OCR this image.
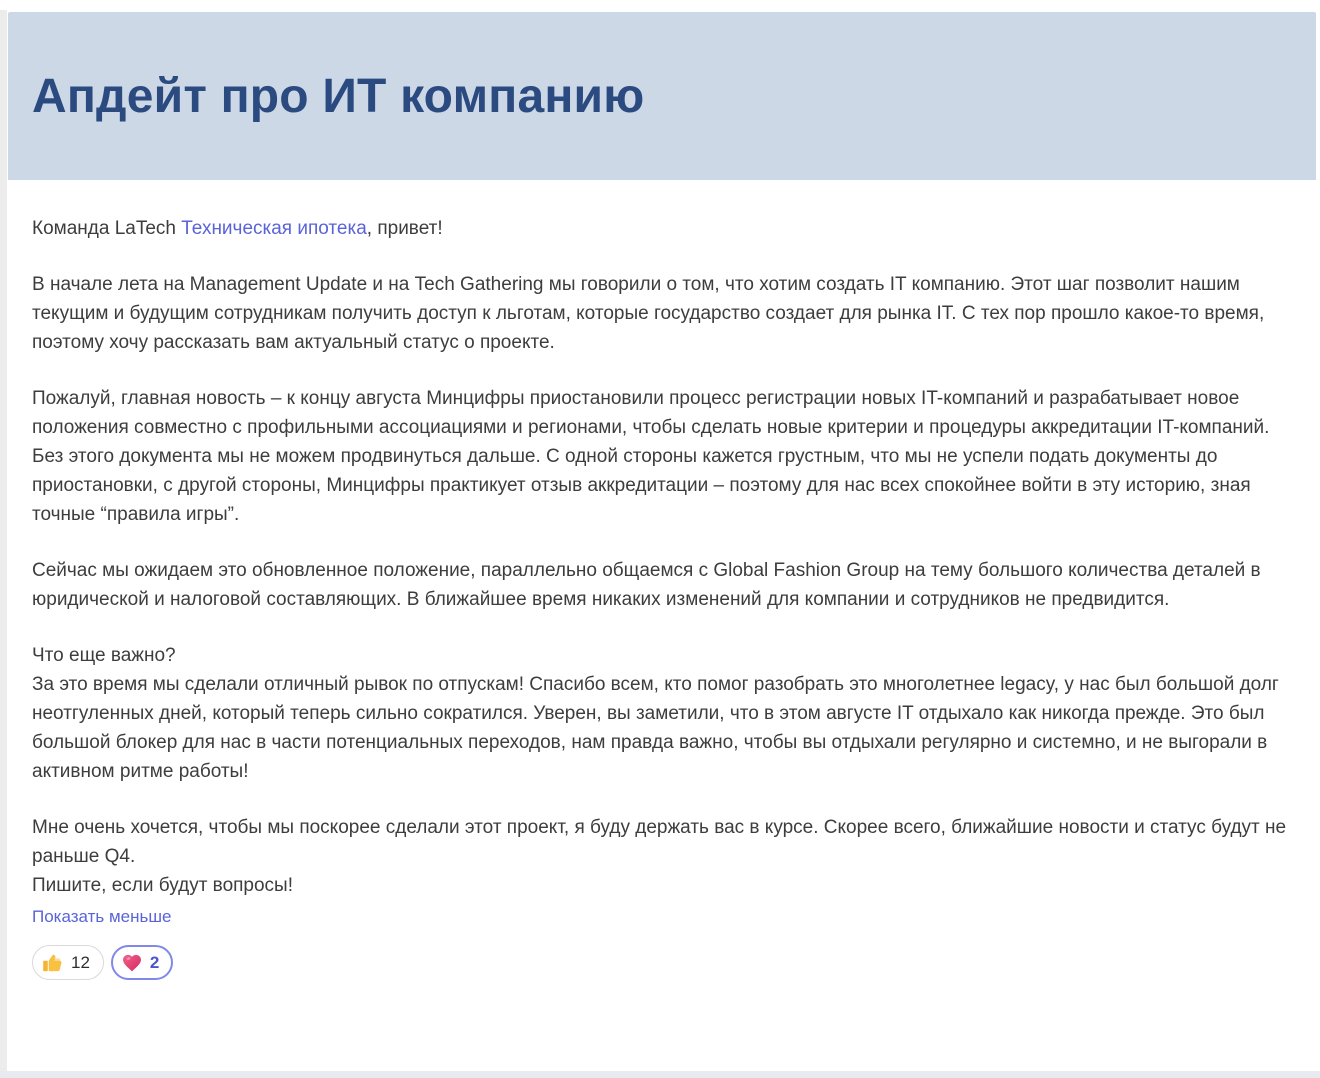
Апдейт про ИТ компанию

Команда LaTech Техническая ипотека, привет!

В начале лета на Management Update и на Tech Gathering мы говорили о том, что хотим создать IT компанию. Этот шаг позволит нашим текущим и будущим сотрудникам получить доступ к льготам, которые государство создает для рынка IT. С тех пор прошло какое-то время, поэтому хочу рассказать вам актуальный статус о проекте.

Пожалуй, главная новость – к концу августа Минцифры приостановили процесс регистрации новых IT-компаний и разрабатывает новое положения совместно с профильными ассоциациями и регионами, чтобы сделать новые критерии и процедуры аккредитации IT-компаний. Без этого документа мы не можем продвинуться дальше. С одной стороны кажется грустным, что мы не успели подать документы до приостановки, с другой стороны, Минцифры практикует отзыв аккредитации – поэтому для нас всех спокойнее войти в эту историю, зная точные “правила игры”.

Сейчас мы ожидаем это обновленное положение, параллельно общаемся с Global Fashion Group на тему большого количества деталей в юридической и налоговой составляющих. В ближайшее время никаких изменений для компании и сотрудников не предвидится.

Что еще важно?
За это время мы сделали отличный рывок по отпускам! Спасибо всем, кто помог разобрать это многолетнее legacy, у нас был большой долг неотгуленных дней, который теперь сильно сократился. Уверен, вы заметили, что в этом августе IT отдыхало как никогда прежде. Это был большой блокер для нас в части потенциальных переходов, нам правда важно, чтобы вы отдыхали регулярно и системно, и не выгорали в активном ритме работы!

Мне очень хочется, чтобы мы поскорее сделали этот проект, я буду держать вас в курсе. Скорее всего, ближайшие новости и статус будут не раньше Q4.
Пишите, если будут вопросы!

Показать меньше
12	2
